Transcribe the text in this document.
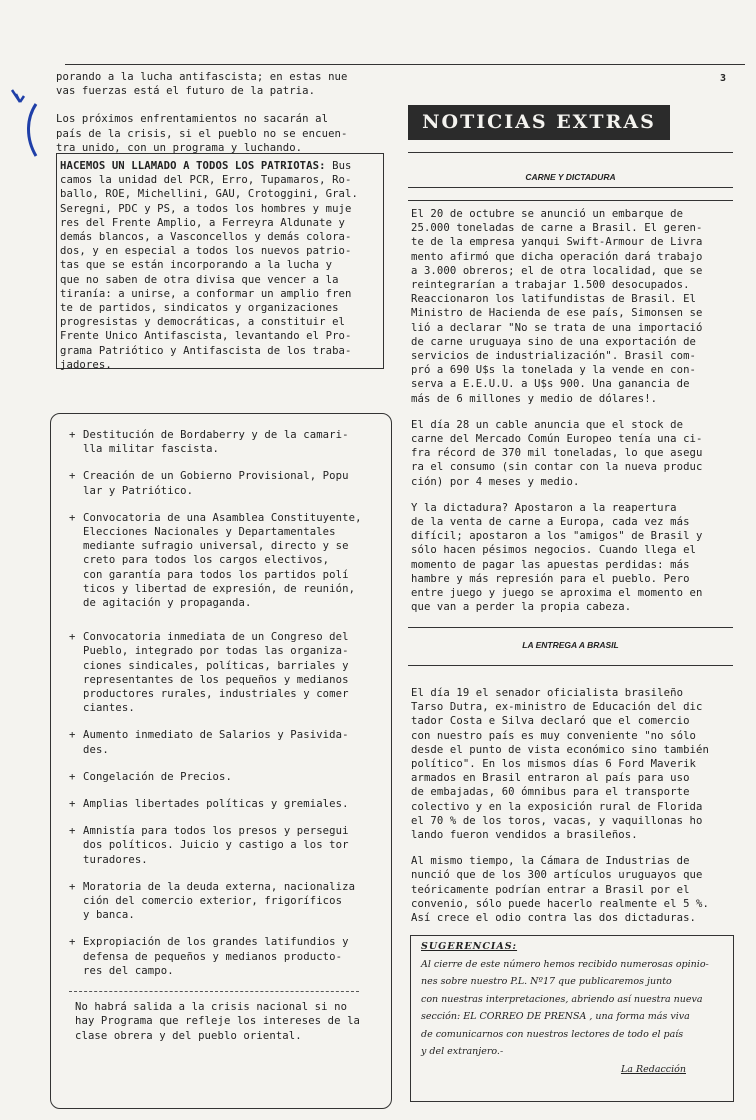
3

porando a la lucha antifascista; en estas nue
vas fuerzas está el futuro de la patria.

Los próximos enfrentamientos no sacarán al
país de la crisis, si el pueblo no se encuen-
tra unido, con un programa y luchando.

HACEMOS UN LLAMADO A TODOS LOS PATRIOTAS: Bus
camos la unidad del PCR, Erro, Tupamaros, Ro-
ballo, ROE, Michellini, GAU, Crotoggini, Gral.
Seregni, PDC y PS, a todos los hombres y muje
res del Frente Amplio, a Ferreyra Aldunate y
demás blancos, a Vasconcellos y demás colora-
dos, y en especial a todos los nuevos patrio-
tas que se están incorporando a la lucha y
que no saben de otra divisa que vencer a la
tiranía: a unirse, a conformar un amplio fren
te de partidos, sindicatos y organizaciones
progresistas y democráticas, a constituir el
Frente Unico Antifascista, levantando el Pro-
grama Patriótico y Antifascista de los traba-
jadores.
+ Destitución de Bordaberry y de la camari-
lla militar fascista.
+ Creación de un Gobierno Provisional, Popu
lar y Patriótico.
+ Convocatoria de una Asamblea Constituyente,
Elecciones Nacionales y Departamentales
mediante sufragio universal, directo y se
creto para todos los cargos electivos,
con garantía para todos los partidos polí
ticos y libertad de expresión, de reunión,
de agitación y propaganda.
+ Convocatoria inmediata de un Congreso del
Pueblo, integrado por todas las organiza-
ciones sindicales, políticas, barriales y
representantes de los pequeños y medianos
productores rurales, industriales y comer
ciantes.
+ Aumento inmediato de Salarios y Pasivida-
des.
+ Congelación de Precios.
+ Amplias libertades políticas y gremiales.
+ Amnistía para todos los presos y persegui
dos políticos. Juicio y castigo a los tor
turadores.
+ Moratoria de la deuda externa, nacionaliza
ción del comercio exterior, frigoríficos
y banca.
+ Expropiación de los grandes latifundios y
defensa de pequeños y medianos producto-
res del campo.

No habrá salida a la crisis nacional si no
hay Programa que refleje los intereses de la
clase obrera y del pueblo oriental.

NOTICIAS EXTRAS
CARNE Y DICTADURA

El 20 de octubre se anunció un embarque de
25.000 toneladas de carne a Brasil. El geren-
te de la empresa yanqui Swift-Armour de Livra
mento afirmó que dicha operación dará trabajo
a 3.000 obreros; el de otra localidad, que se
reintegrarían a trabajar 1.500 desocupados.
Reaccionaron los latifundistas de Brasil. El
Ministro de Hacienda de ese país, Simonsen se
lió a declarar "No se trata de una importació
de carne uruguaya sino de una exportación de
servicios de industrialización". Brasil com-
pró a 690 U$s la tonelada y la vende en con-
serva a E.E.U.U. a U$s 900. Una ganancia de
más de 6 millones y medio de dólares!.

El día 28 un cable anuncia que el stock de
carne del Mercado Común Europeo tenía una ci-
fra récord de 370 mil toneladas, lo que asegu
ra el consumo (sin contar con la nueva produc
ción) por 4 meses y medio.

Y la dictadura? Apostaron a la reapertura
de la venta de carne a Europa, cada vez más
difícil; apostaron a los "amigos" de Brasil y
sólo hacen pésimos negocios. Cuando llega el
momento de pagar las apuestas perdidas: más
hambre y más represión para el pueblo. Pero
entre juego y juego se aproxima el momento en
que van a perder la propia cabeza.

LA ENTREGA A BRASIL

El día 19 el senador oficialista brasileño
Tarso Dutra, ex-ministro de Educación del dic
tador Costa e Silva declaró que el comercio
con nuestro país es muy conveniente "no sólo
desde el punto de vista económico sino también
político". En los mismos días 6 Ford Maverik
armados en Brasil entraron al país para uso
de embajadas, 60 ómnibus para el transporte
colectivo y en la exposición rural de Florida
el 70 % de los toros, vacas, y vaquillonas ho
lando fueron vendidos a brasileños.

Al mismo tiempo, la Cámara de Industrias de
nunció que de los 300 artículos uruguayos que
teóricamente podrían entrar a Brasil por el
convenio, sólo puede hacerlo realmente el 5 %.
Así crece el odio contra las dos dictaduras.

SUGERENCIAS:
Al cierre de este número hemos recibido numerosas opinio-
nes sobre nuestro P.L. Nº17 que publicaremos junto
con nuestras interpretaciones, abriendo así nuestra nueva
sección: EL CORREO DE PRENSA , una forma más viva
de comunicarnos con nuestros lectores de todo el país
y del extranjero.-
La Redacción
